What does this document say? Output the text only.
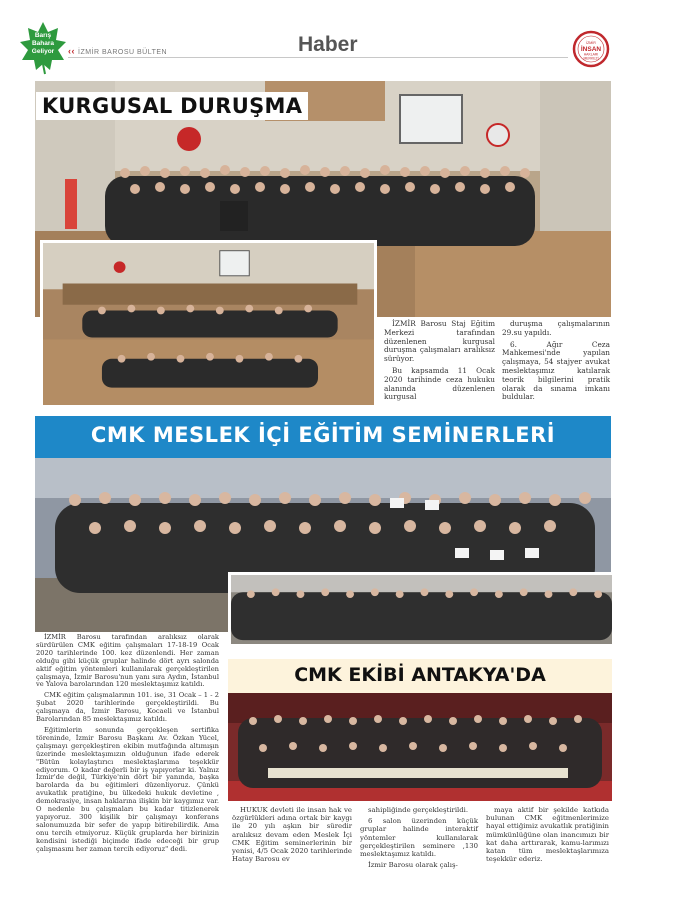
Barış
Bahara
Geliyor ‹‹ İZMİR BAROSU BÜLTEN	Haber	İZMİR
İNSAN
HAKLARI
MERKEZİ
KURGUSAL DURUŞMA

İZMİR Barosu Staj Eğitim Merkezi tarafından düzenlenen kurgusal duruşma çalışmaları aralıksız sürüyor.

Bu kapsamda 11 Ocak 2020 tarihinde ceza hukuku alanında düzenlenen kurgusal

duruşma çalışmalarının 29.su yapıldı.

6. Ağır Ceza Mahkemesi'nde yapılan çalışmaya, 54 stajyer avukat meslektaşımız katılarak teorik bilgilerini pratik olarak da sınama imkanı buldular.

CMK MESLEK İÇİ EĞİTİM SEMİNERLERİ

İZMİR Barosu tarafından aralıksız olarak sürdürülen CMK eğitim çalışmaları 17-18-19 Ocak 2020 tarihlerinde 100. kez düzenlendi. Her zaman olduğu gibi küçük gruplar halinde dört ayrı salonda aktif eğitim yöntemleri kullanılarak gerçekleştirilen çalışmaya, İzmir Barosu'nun yanı sıra Aydın, İstanbul ve Yalova barolarından 120 meslektaşımız katıldı.

CMK eğitim çalışmalarının 101. ise, 31 Ocak – 1 - 2 Şubat 2020 tarihlerinde gerçekleştirildi. Bu çalışmaya da, İzmir Barosu, Kocaeli ve İstanbul Barolarından 85 meslektaşımız katıldı.

Eğitimlerin sonunda gerçekleşen sertifika töreninde, İzmir Barosu Başkanı Av. Özkan Yücel, çalışmayı gerçekleştiren ekibin mutfağında altımışın üzerinde meslektaşımızın olduğunun ifade ederek "Bütün kolaylaştırıcı meslektaşlarıma teşekkür ediyorum. O kadar değerli bir iş yapıyorlar ki. Yalnız İzmir'de değil, Türkiye'nin dört bir yanında, başka barolarda da bu eğitimleri düzenliyoruz. Çünkü avukatlık pratiğine, bu ülkedeki hukuk devletine , demokrasiye, insan haklarına ilişkin bir kaygımız var. O nedenle bu çalışmaları bu kadar titizlenerek yapıyoruz. 300 kişilik bir çalışmayı konferans salonumuzda bir sefer de yapıp bitirebilirdik. Ama onu tercih etmiyoruz. Küçük gruplarda her birinizin kendisini istediği biçimde ifade edeceği bir grup çalışmasını her zaman tercih ediyoruz" dedi.

CMK EKİBİ ANTAKYA'DA

HUKUK devleti ile insan hak ve özgürlükleri adına ortak bir kaygı ile 20 yılı aşkın bir süredir aralıksız devam eden Meslek İçi CMK Eğitim seminerlerinin bir yenisi, 4/5 Ocak 2020 tarihlerinde Hatay Barosu ev

sahipliğinde gerçekleştirildi.

6 salon üzerinden küçük gruplar halinde interaktif yöntemler kullanılarak gerçekleştirilen seminere ,130 meslektaşımız katıldı.

İzmir Barosu olarak çalış-

maya aktif bir şekilde katkıda bulunan CMK eğitmenlerimize hayal ettiğimiz avukatlık pratiğinin mümkünlüğüne olan inancımızı bir kat daha arttırarak, kamu-larımızı katan tüm meslektaşlarımıza teşekkür ederiz.
